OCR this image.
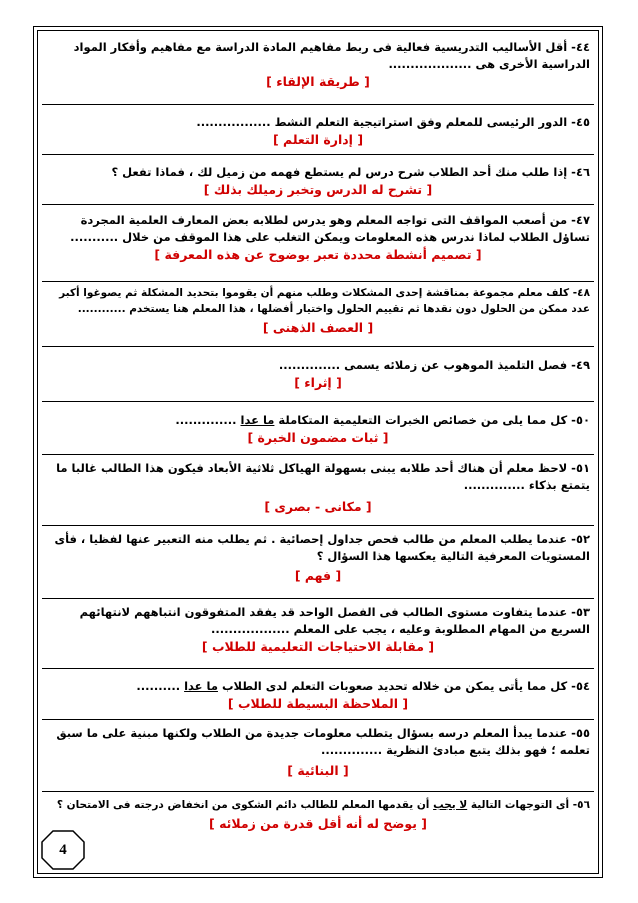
٤٤- أقل الأساليب التدريسية فعالية فى ربط مفاهيم المادة الدراسة مع مفاهيم وأفكار المواد الدراسية الأخرى هى ...................

[ طريقة الإلقاء ]

٤٥- الدور الرئيسى للمعلم وفق استراتيجية التعلم النشط .................

[ إدارة التعلم ]

٤٦- إذا طلب منك أحد الطلاب شرح درس لم يستطع فهمه من زميل لك ، فماذا تفعل ؟

[ تشرح له الدرس وتخبر زميلك بذلك ]

٤٧- من أصعب المواقف التى تواجه المعلم وهو يدرس لطلابه بعض المعارف العلمية المجردة تساؤل الطلاب لماذا ندرس هذه المعلومات ويمكن التغلب على هذا الموقف من خلال ...........

[ تصميم أنشطة محددة تعبر بوضوح عن هذه المعرفة ]

٤٨- كلف معلم مجموعة بمناقشة إحدى المشكلات وطلب منهم أن يقوموا بتحديد المشكلة ثم يصوغوا أكبر عدد ممكن من الحلول دون نقدها ثم تقييم الحلول واختيار أفضلها ، هذا المعلم هنا يستخدم ............

[ العصف الذهنى ]

٤٩- فصل التلميذ الموهوب عن زملائه يسمى ..............

[ إثراء ]

٥٠- كل مما يلى من خصائص الخبرات التعليمية المتكاملة ما عدا ..............

[ ثبات مضمون الخبرة ]

٥١- لاحظ معلم أن هناك أحد طلابه يبنى بسهولة الهياكل ثلاثية الأبعاد فيكون هذا الطالب غالبا ما يتمتع بذكاء ..............

[ مكانى - بصرى ]

٥٢- عندما يطلب المعلم من طالب فحص جداول إحصائية . ثم يطلب منه التعبير عنها لفظيا ، فأى المستويات المعرفية التالية يعكسها هذا السؤال ؟

[ فهم ]

٥٣- عندما يتفاوت مستوى الطالب فى الفصل الواحد قد يفقد المتفوقون انتباههم لانتهائهم السريع من المهام المطلوبة وعليه ، يجب على المعلم ..................

[ مقابلة الاحتياجات التعليمية للطلاب ]

٥٤- كل مما يأتى يمكن من خلاله تحديد صعوبات التعلم لدى الطلاب ما عدا ..........

[ الملاحظة البسيطة للطلاب ]

٥٥- عندما يبدأ المعلم درسه بسؤال يتطلب معلومات جديدة من الطلاب ولكنها مبنية على ما سبق تعلمه ؛ فهو بذلك يتبع مبادئ النظرية ..............

[ البنائية ]

٥٦- أى التوجهات التالية لا يجب أن يقدمها المعلم للطالب دائم الشكوى من انخفاض درجته فى الامتحان ؟

[ يوضح له أنه أقل قدرة من زملائه ]

4
